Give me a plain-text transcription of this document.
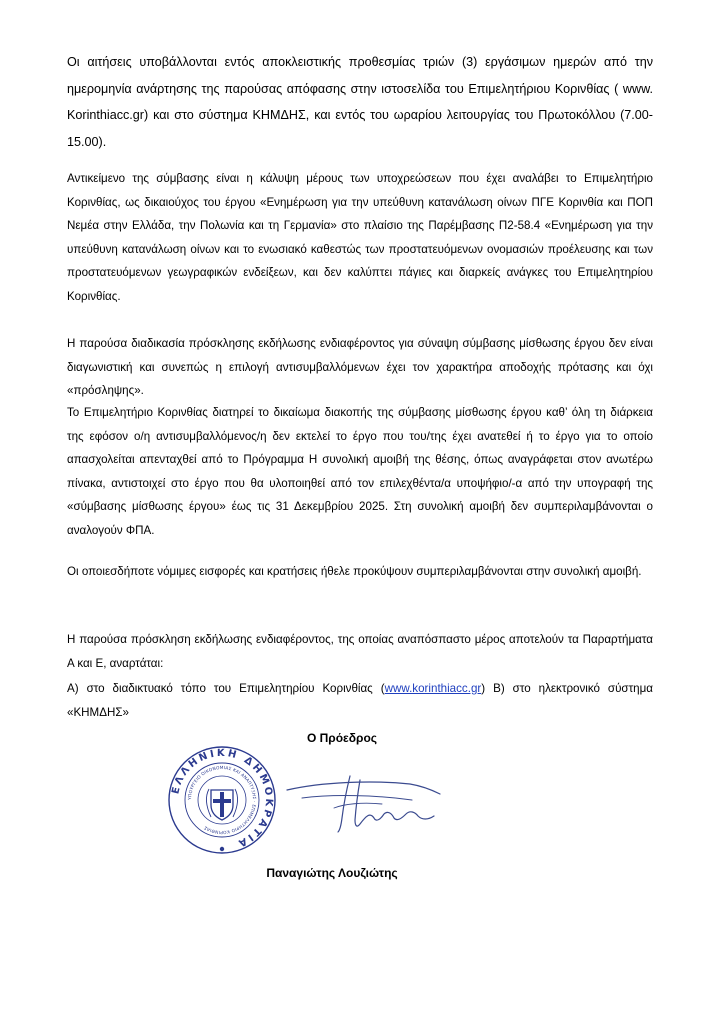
Οι αιτήσεις υποβάλλονται εντός αποκλειστικής προθεσμίας τριών (3) εργάσιμων ημερών από την ημερομηνία ανάρτησης της παρούσας απόφασης στην ιστοσελίδα του Επιμελητήριου Κορινθίας ( www. Korinthiacc.gr) και στο σύστημα ΚΗΜΔΗΣ, και εντός του ωραρίου λειτουργίας του Πρωτοκόλλου (7.00-15.00).

Αντικείμενο της σύμβασης είναι η κάλυψη μέρους των υποχρεώσεων που έχει αναλάβει το Επιμελητήριο Κορινθίας, ως δικαιούχος του έργου «Ενημέρωση για την υπεύθυνη κατανάλωση οίνων ΠΓΕ Κορινθία και ΠΟΠ Νεμέα στην Ελλάδα, την Πολωνία και τη Γερμανία» στο πλαίσιο της Παρέμβασης Π2-58.4 «Ενημέρωση για την υπεύθυνη κατανάλωση οίνων και το ενωσιακό καθεστώς των προστατευόμενων ονομασιών προέλευσης και των προστατευόμενων γεωγραφικών ενδείξεων, και δεν καλύπτει πάγιες και διαρκείς ανάγκες του Επιμελητηρίου Κορινθίας.

Η παρούσα διαδικασία πρόσκλησης εκδήλωσης ενδιαφέροντος για σύναψη σύμβασης μίσθωσης έργου δεν είναι διαγωνιστική και συνεπώς η επιλογή αντισυμβαλλόμενων έχει τον χαρακτήρα αποδοχής πρότασης και όχι «πρόσληψης».

Το Επιμελητήριο Κορινθίας διατηρεί το δικαίωμα διακοπής της σύμβασης μίσθωσης έργου καθ’ όλη τη διάρκεια της εφόσον ο/η αντισυμβαλλόμενος/η δεν εκτελεί το έργο που του/της έχει ανατεθεί ή το έργο για το οποίο απασχολείται απενταχθεί από το Πρόγραμμα Η συνολική αμοιβή της θέσης, όπως αναγράφεται στον ανωτέρω πίνακα, αντιστοιχεί στο έργο που θα υλοποιηθεί από τον επιλεχθέντα/α υποψήφιο/-α από την υπογραφή της «σύμβασης μίσθωσης έργου» έως τις 31 Δεκεμβρίου 2025. Στη συνολική αμοιβή δεν συμπεριλαμβάνονται ο αναλογούν ΦΠΑ.

Οι οποιεσδήποτε νόμιμες εισφορές και κρατήσεις ήθελε προκύψουν συμπεριλαμβάνονται στην συνολική αμοιβή.

Η παρούσα πρόσκληση εκδήλωσης ενδιαφέροντος, της οποίας αναπόσπαστο μέρος αποτελούν τα Παραρτήματα Α και Ε, αναρτάται:

Α) στο διαδικτυακό τόπο του Επιμελητηρίου Κορινθίας (www.korinthiacc.gr) Β) στο ηλεκτρονικό σύστημα «ΚΗΜΔΗΣ»

Ο Πρόεδρος
ΕΛΛΗΝΙΚΗ ΔΗΜΟΚΡΑΤΙΑ
ΥΠΟΥΡΓΕΙΟ ΟΙΚΟΝΟΜΙΑΣ ΚΑΙ ΑΝΑΠΤΥΞΗΣ · ΕΠΙΜΕΛΗΤΗΡΙΟ ΚΟΡΙΝΘΙΑΣ
Παναγιώτης Λουζιώτης
